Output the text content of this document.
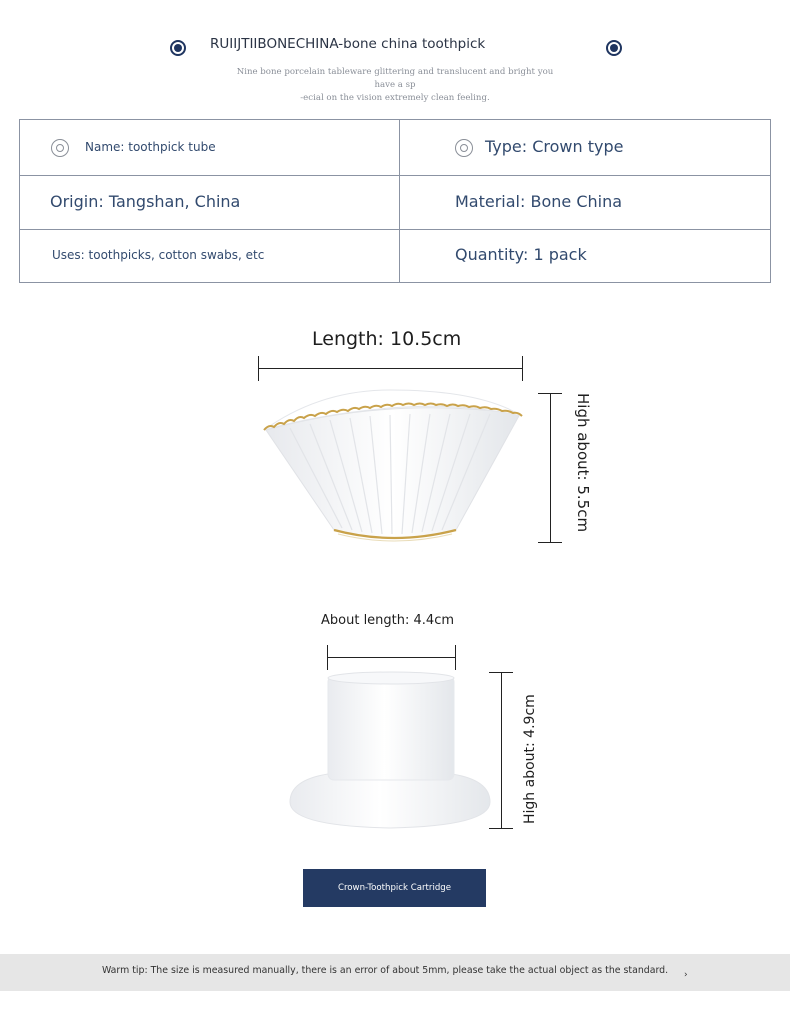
RUIIJTIIBONECHINA-bone china toothpick
Nine bone porcelain tableware glittering and translucent and bright you have a sp
-ecial on the vision extremely clean feeling.
Name: toothpick tube	Type: Crown type

Origin: Tangshan, China	Material: Bone China

Uses: toothpicks, cotton swabs, etc	Quantity: 1 pack
Length: 10.5cm
High about: 5.5cm
About length: 4.4cm
High about: 4.9cm
Crown-Toothpick Cartridge
Warm tip: The size is measured manually, there is an error of about 5mm, please take the actual object as the standard. ›
